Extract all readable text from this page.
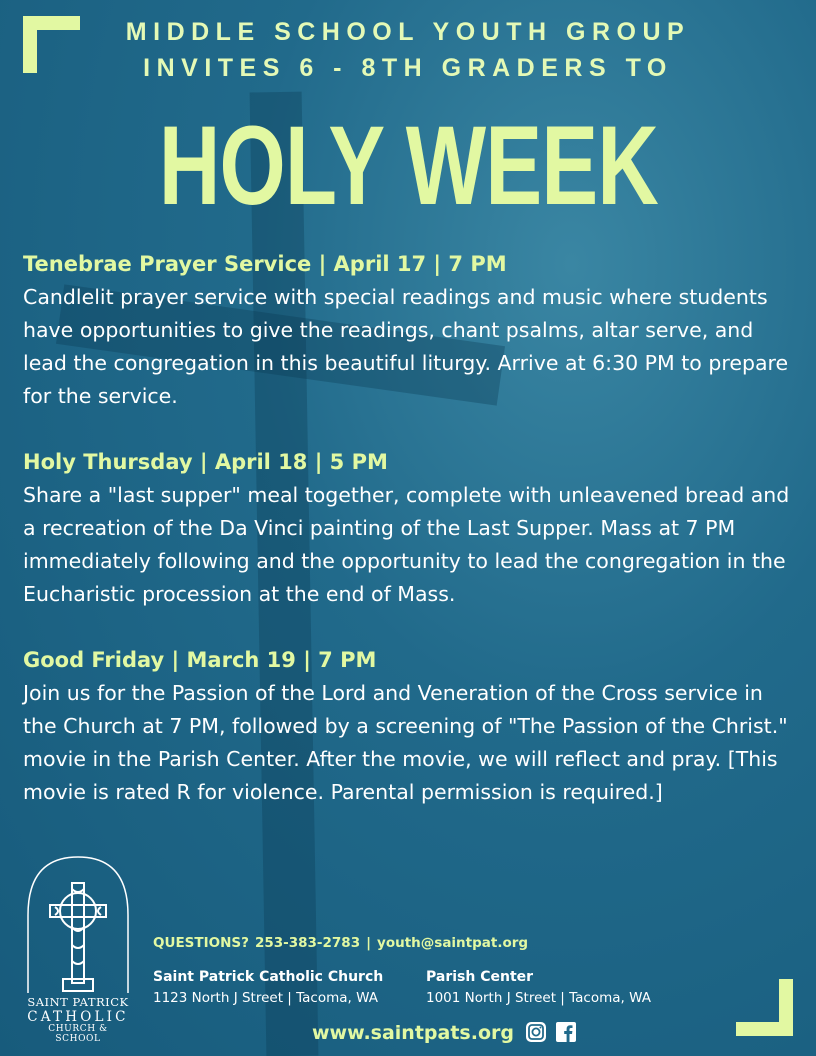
MIDDLE SCHOOL YOUTH GROUP
INVITES 6 - 8TH GRADERS TO
HOLY WEEK
Tenebrae Prayer Service | April 17 | 7 PM
Candlelit prayer service with special readings and music where students have opportunities to give the readings, chant psalms, altar serve, and lead the congregation in this beautiful liturgy. Arrive at 6:30 PM to prepare for the service.
Holy Thursday | April 18 | 5 PM
Share a "last supper" meal together, complete with unleavened bread and a recreation of the Da Vinci painting of the Last Supper. Mass at 7 PM immediately following and the opportunity to lead the congregation in the Eucharistic procession at the end of Mass.
Good Friday | March 19 | 7 PM
Join us for the Passion of the Lord and Veneration of the Cross service in the Church at 7 PM, followed by a screening of "The Passion of the Christ." movie in the Parish Center. After the movie, we will reflect and pray. [This movie is rated R for violence. Parental permission is required.]
SAINT PATRICK
CATHOLIC
CHURCH & SCHOOL
QUESTIONS? 253-383-2783 | youth@saintpat.org
Saint Patrick Catholic Church
1123 North J Street | Tacoma, WA
Parish Center
1001 North J Street | Tacoma, WA
www.saintpats.org
